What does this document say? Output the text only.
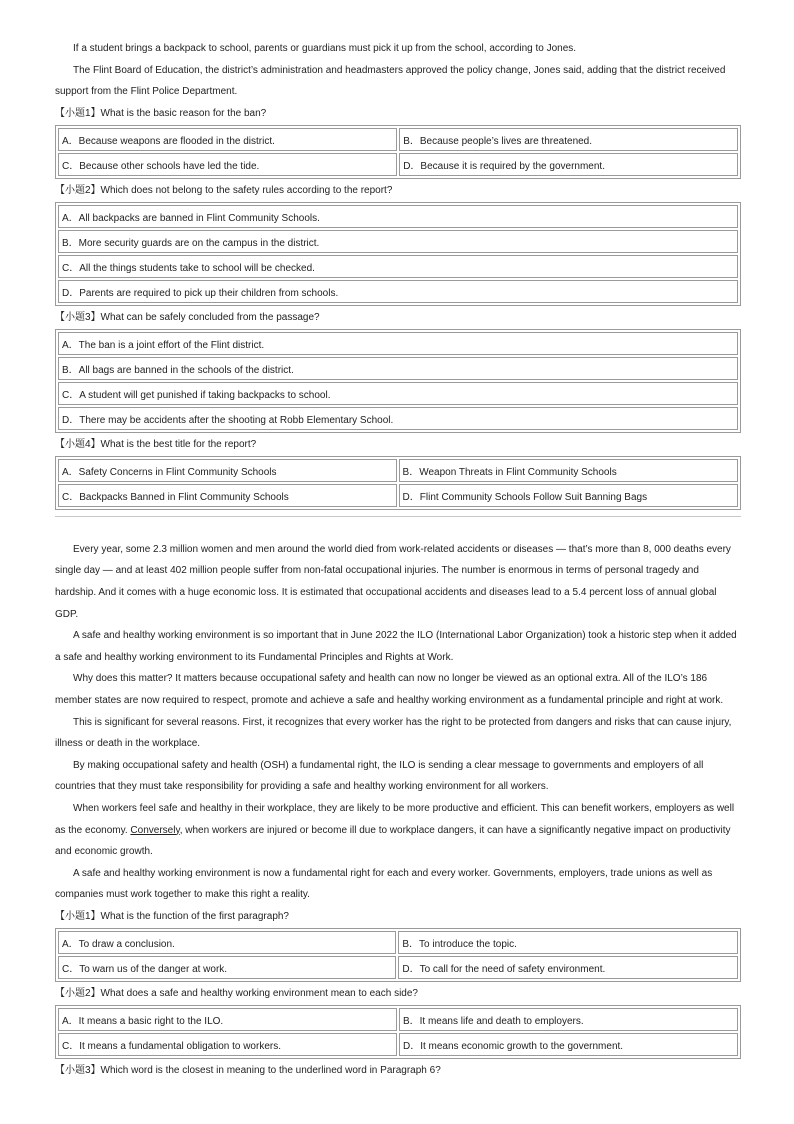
If a student brings a backpack to school, parents or guardians must pick it up from the school, according to Jones.

The Flint Board of Education, the district’s administration and headmasters approved the policy change, Jones said, adding that the district received support from the Flint Police Department.

【小题1】What is the basic reason for the ban?

A．Because weapons are flooded in the district.	B．Because people’s lives are threatened.
C．Because other schools have led the tide.	D．Because it is required by the government.

【小题2】Which does not belong to the safety rules according to the report?

A．All backpacks are banned in Flint Community Schools.
B．More security guards are on the campus in the district.
C．All the things students take to school will be checked.
D．Parents are required to pick up their children from schools.

【小题3】What can be safely concluded from the passage?

A．The ban is a joint effort of the Flint district.
B．All bags are banned in the schools of the district.
C．A student will get punished if taking backpacks to school.
D．There may be accidents after the shooting at Robb Elementary School.

【小题4】What is the best title for the report?

A．Safety Concerns in Flint Community Schools	B．Weapon Threats in Flint Community Schools
C．Backpacks Banned in Flint Community Schools	D．Flint Community Schools Follow Suit Banning Bags

Every year, some 2.3 million women and men around the world died from work-related accidents or diseases — that’s more than 8, 000 deaths every single day — and at least 402 million people suffer from non-fatal occupational injuries. The number is enormous in terms of personal tragedy and hardship. And it comes with a huge economic loss. It is estimated that occupational accidents and diseases lead to a 5.4 percent loss of annual global GDP.

A safe and healthy working environment is so important that in June 2022 the ILO (International Labor Organization) took a historic step when it added a safe and healthy working environment to its Fundamental Principles and Rights at Work.

Why does this matter? It matters because occupational safety and health can now no longer be viewed as an optional extra. All of the ILO’s 186 member states are now required to respect, promote and achieve a safe and healthy working environment as a fundamental principle and right at work.

This is significant for several reasons. First, it recognizes that every worker has the right to be protected from dangers and risks that can cause injury, illness or death in the workplace.

By making occupational safety and health (OSH) a fundamental right, the ILO is sending a clear message to governments and employers of all countries that they must take responsibility for providing a safe and healthy working environment for all workers.

When workers feel safe and healthy in their workplace, they are likely to be more productive and efficient. This can benefit workers, employers as well as the economy. Conversely, when workers are injured or become ill due to workplace dangers, it can have a significantly negative impact on productivity and economic growth.

A safe and healthy working environment is now a fundamental right for each and every worker. Governments, employers, trade unions as well as companies must work together to make this right a reality.

【小题1】What is the function of the first paragraph?

A．To draw a conclusion.	B．To introduce the topic.
C．To warn us of the danger at work.	D．To call for the need of safety environment.

【小题2】What does a safe and healthy working environment mean to each side?

A．It means a basic right to the ILO.	B．It means life and death to employers.
C．It means a fundamental obligation to workers.	D．It means economic growth to the government.

【小题3】Which word is the closest in meaning to the underlined word in Paragraph 6?
